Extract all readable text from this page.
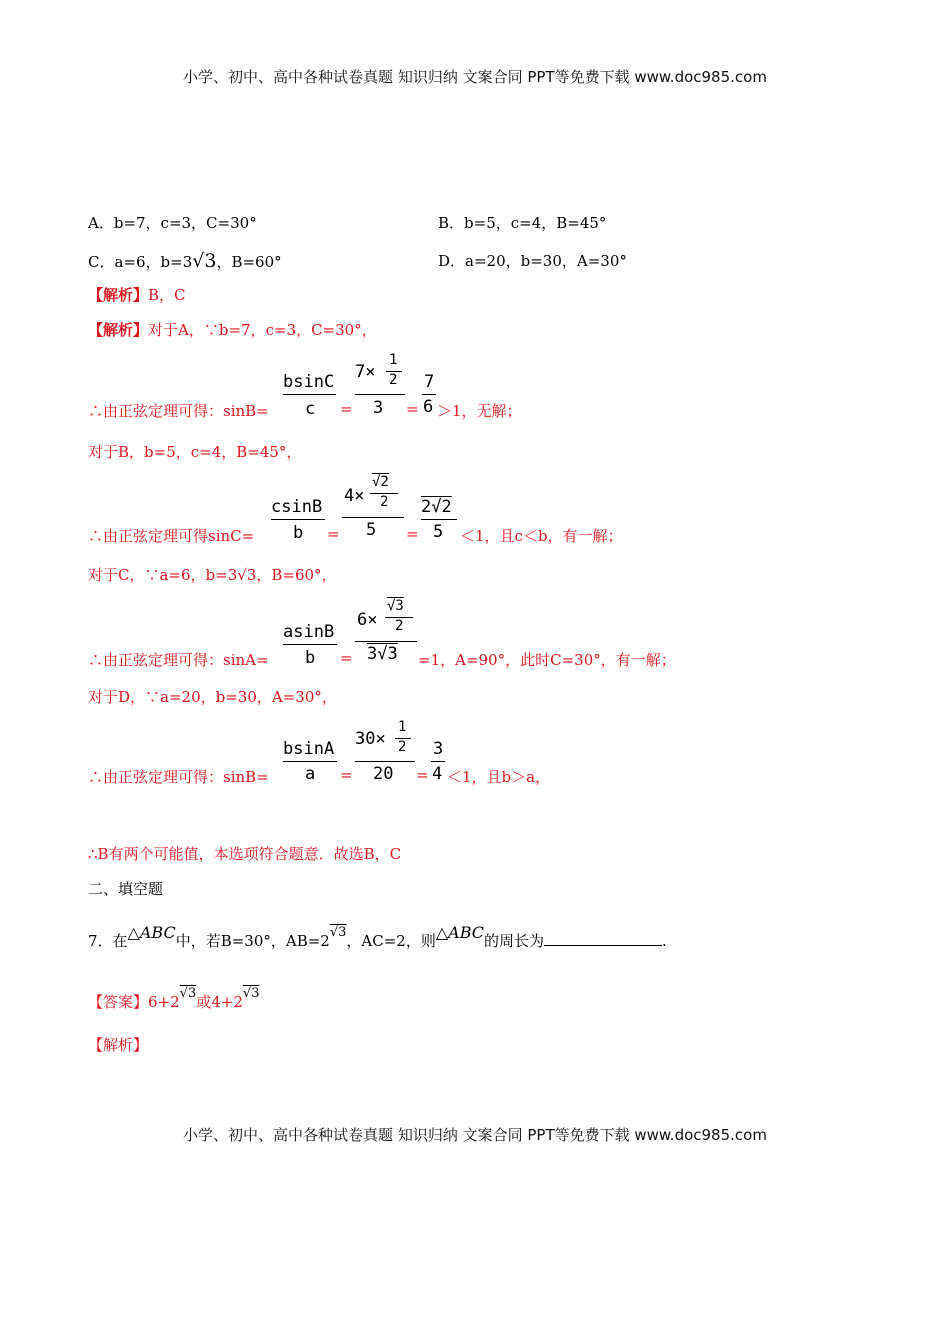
小学、初中、高中各种试卷真题 知识归纳 文案合同 PPT等免费下载 www.doc985.com
小学、初中、高中各种试卷真题 知识归纳 文案合同 PPT等免费下载 www.doc985.com
A．b=7，c=3，C=30°	B．b=5，c=4，B=45°
C．a=6，b=3√3，B=60°	D．a=20，b=30，A=30°
【解析】B，C
【解析】对于A，∵b=7，c=3，C=30°，
∴由正弦定理可得：sinB=
bsinC
c =
7×
1
2
3 =
7
6 ＞1，无解；
对于B，b=5，c=4，B=45°，
∴由正弦定理可得sinC=
csinB
b =
4×
√2
2
5 =
2√2
5 ＜1，且c＜b，有一解；
对于C，∵a=6，b=3√3，B=60°，
∴由正弦定理可得：sinA=
asinB
b =
6×
√3
2
3√3 =1，A=90°，此时C=30°，有一解；
对于D，∵a=20，b=30，A=30°，
∴由正弦定理可得：sinB=
bsinA
a =
30×
1
2
20 =
3
4 ＜1，且b＞a，
∴B有两个可能值，本选项符合题意．故选B，C
二、填空题
7．在△ABC中，若B=30°，$AB=2^{√3}$，AC=2，则△ABC的周长为	.
【答案】$6+2^{√3}$或$4+2^{√3}$
【解析】
